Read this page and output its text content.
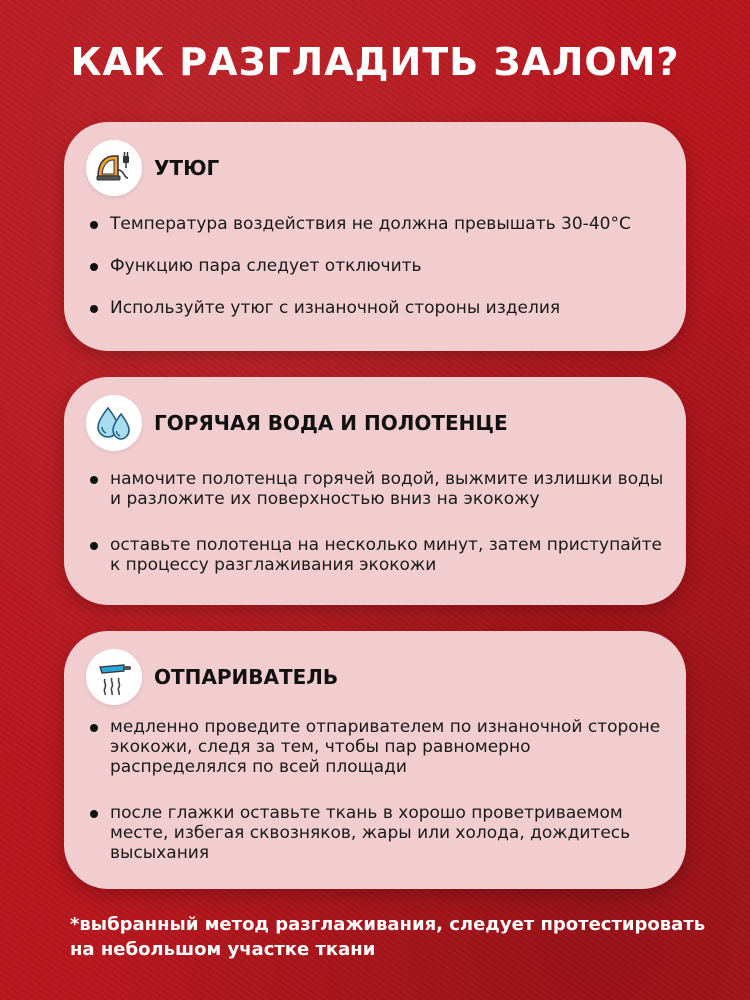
КАК РАЗГЛАДИТЬ ЗАЛОМ?
УТЮГ
Температура воздействия не должна превышать 30-40°С
Функцию пара следует отключить
Используйте утюг с изнаночной стороны изделия
ГОРЯЧАЯ ВОДА И ПОЛОТЕНЦЕ
намочите полотенца горячей водой, выжмите излишки воды и разложите их поверхностью вниз на экокожу
оставьте полотенца на несколько минут, затем приступайте к процессу разглаживания экокожи
ОТПАРИВАТЕЛЬ
медленно проведите отпаривателем по изнаночной стороне экокожи, следя за тем, чтобы пар равномерно распределялся по всей площади
после глажки оставьте ткань в хорошо проветриваемом месте, избегая сквозняков, жары или холода, дождитесь высыхания
*выбранный метод разглаживания, следует протестировать на небольшом участке ткани
